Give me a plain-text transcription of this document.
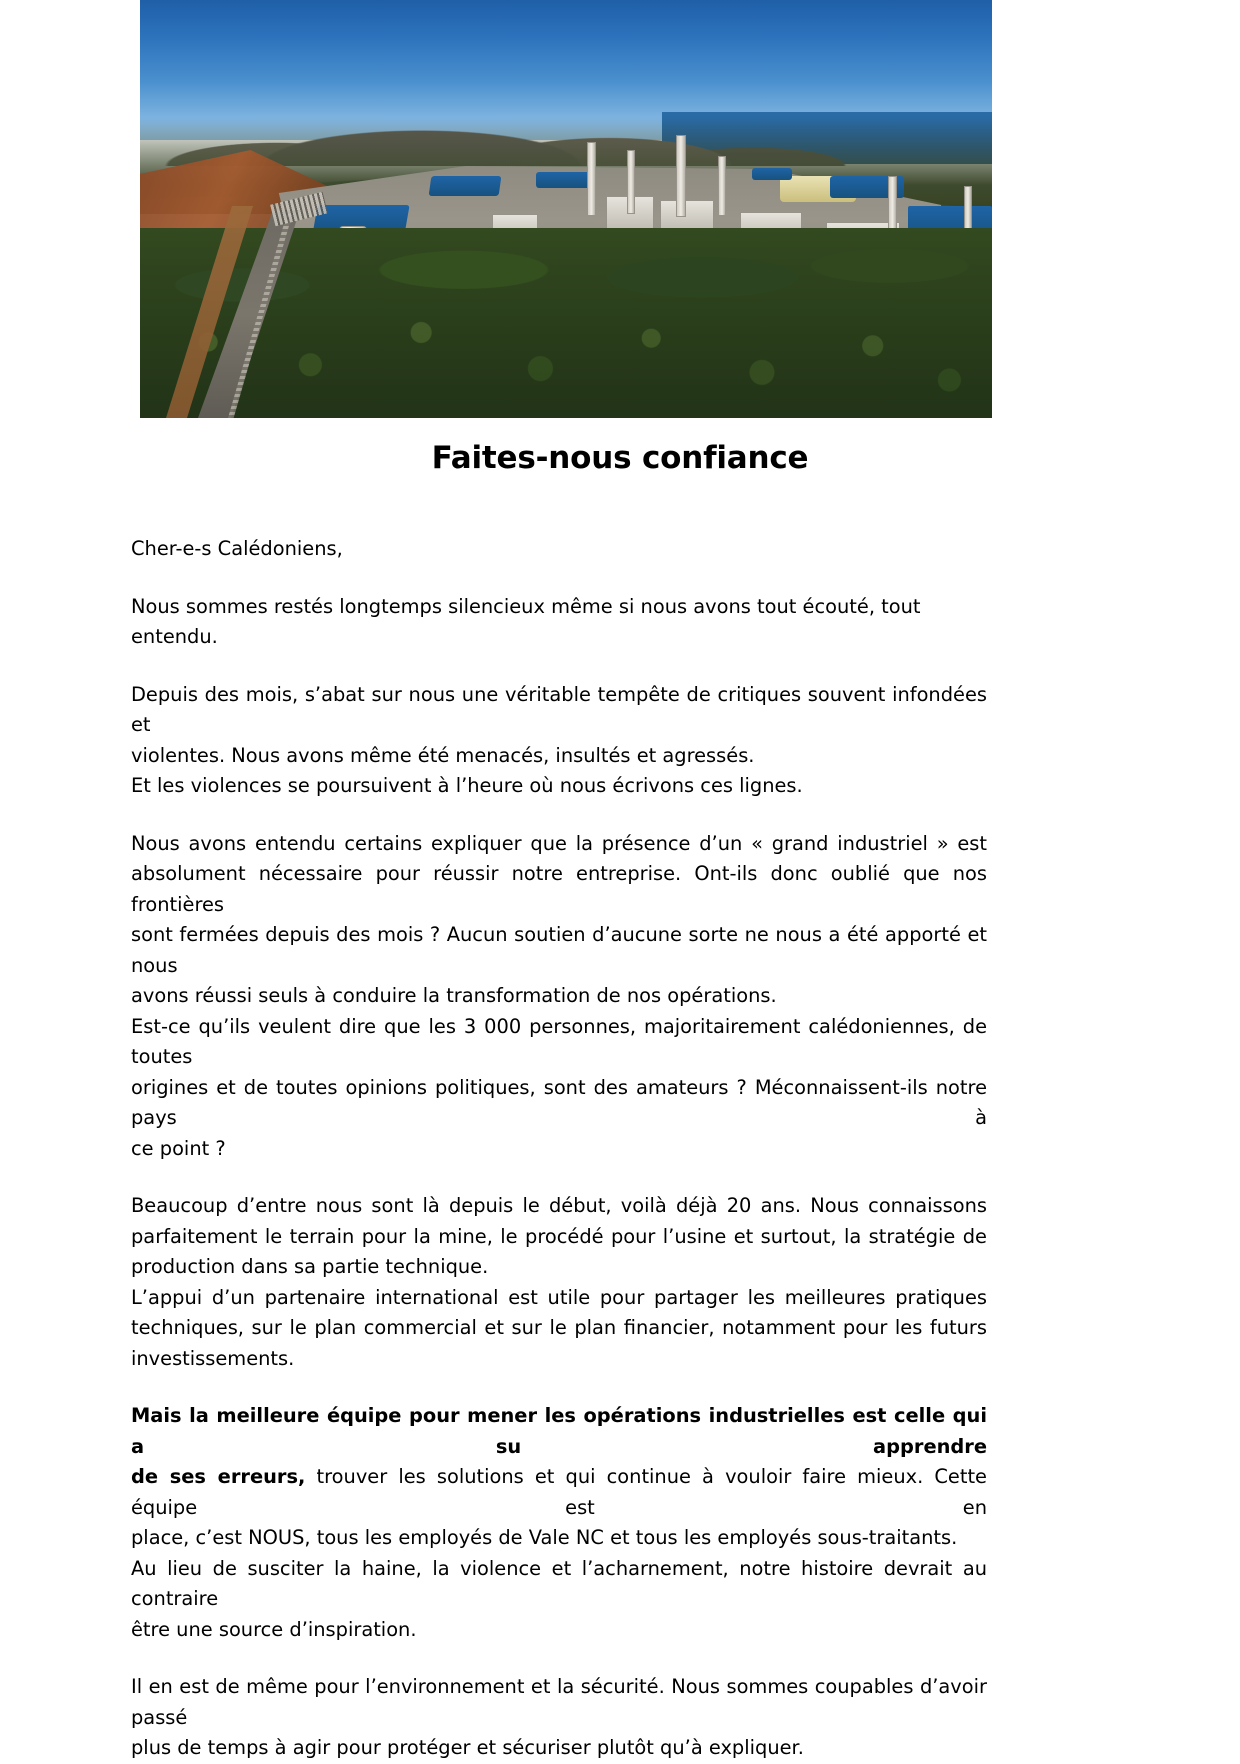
Faites-nous confiance

Cher-e-s Calédoniens,

Nous sommes restés longtemps silencieux même si nous avons tout écouté, tout entendu.

Depuis des mois, s’abat sur nous une véritable tempête de critiques souvent infondées et
violentes. Nous avons même été menacés, insultés et agressés.
Et les violences se poursuivent à l’heure où nous écrivons ces lignes.

Nous avons entendu certains expliquer que la présence d’un « grand industriel » est
absolument nécessaire pour réussir notre entreprise. Ont-ils donc oublié que nos frontières
sont fermées depuis des mois ? Aucun soutien d’aucune sorte ne nous a été apporté et nous
avons réussi seuls à conduire la transformation de nos opérations.
Est-ce qu’ils veulent dire que les 3 000 personnes, majoritairement calédoniennes, de toutes
origines et de toutes opinions politiques, sont des amateurs ? Méconnaissent-ils notre pays à
ce point ?

Beaucoup d’entre nous sont là depuis le début, voilà déjà 20 ans. Nous connaissons
parfaitement le terrain pour la mine, le procédé pour l’usine et surtout, la stratégie de
production dans sa partie technique.
L’appui d’un partenaire international est utile pour partager les meilleures pratiques
techniques, sur le plan commercial et sur le plan financier, notamment pour les futurs
investissements.

Mais la meilleure équipe pour mener les opérations industrielles est celle qui a su apprendre
de ses erreurs, trouver les solutions et qui continue à vouloir faire mieux. Cette équipe est en
place, c’est NOUS, tous les employés de Vale NC et tous les employés sous-traitants.
Au lieu de susciter la haine, la violence et l’acharnement, notre histoire devrait au contraire
être une source d’inspiration.

Il en est de même pour l’environnement et la sécurité. Nous sommes coupables d’avoir passé
plus de temps à agir pour protéger et sécuriser plutôt qu’à expliquer.
